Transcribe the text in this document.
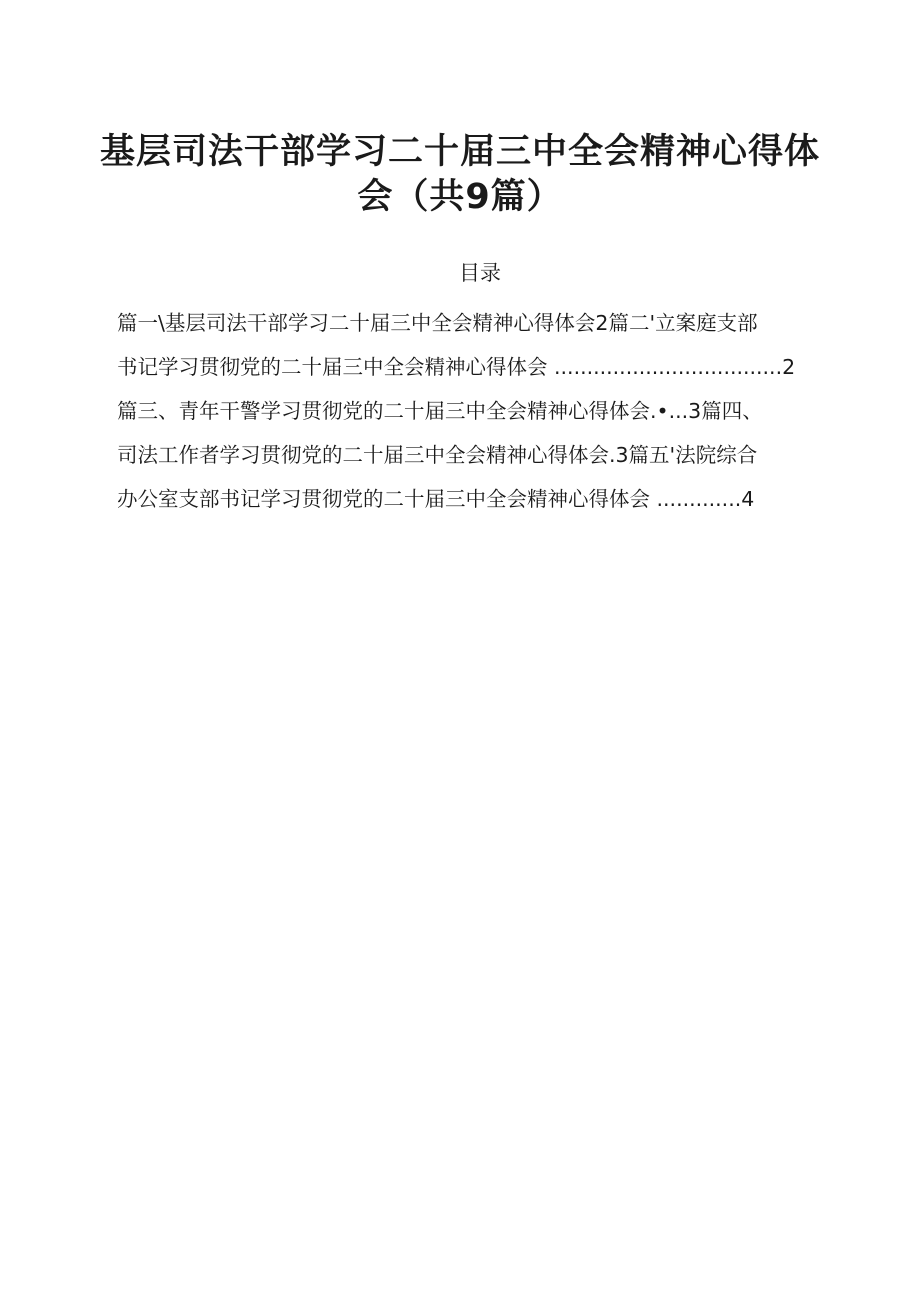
基层司法干部学习二十届三中全会精神心得体
会（共9篇）
目录
篇一\基层司法干部学习二十届三中全会精神心得体会2篇二'立案庭支部
书记学习贯彻党的二十届三中全会精神心得体会 ...................................2
篇三、青年干警学习贯彻党的二十届三中全会精神心得体会.•...3篇四、
司法工作者学习贯彻党的二十届三中全会精神心得体会.3篇五'法院综合
办公室支部书记学习贯彻党的二十届三中全会精神心得体会 .............4
